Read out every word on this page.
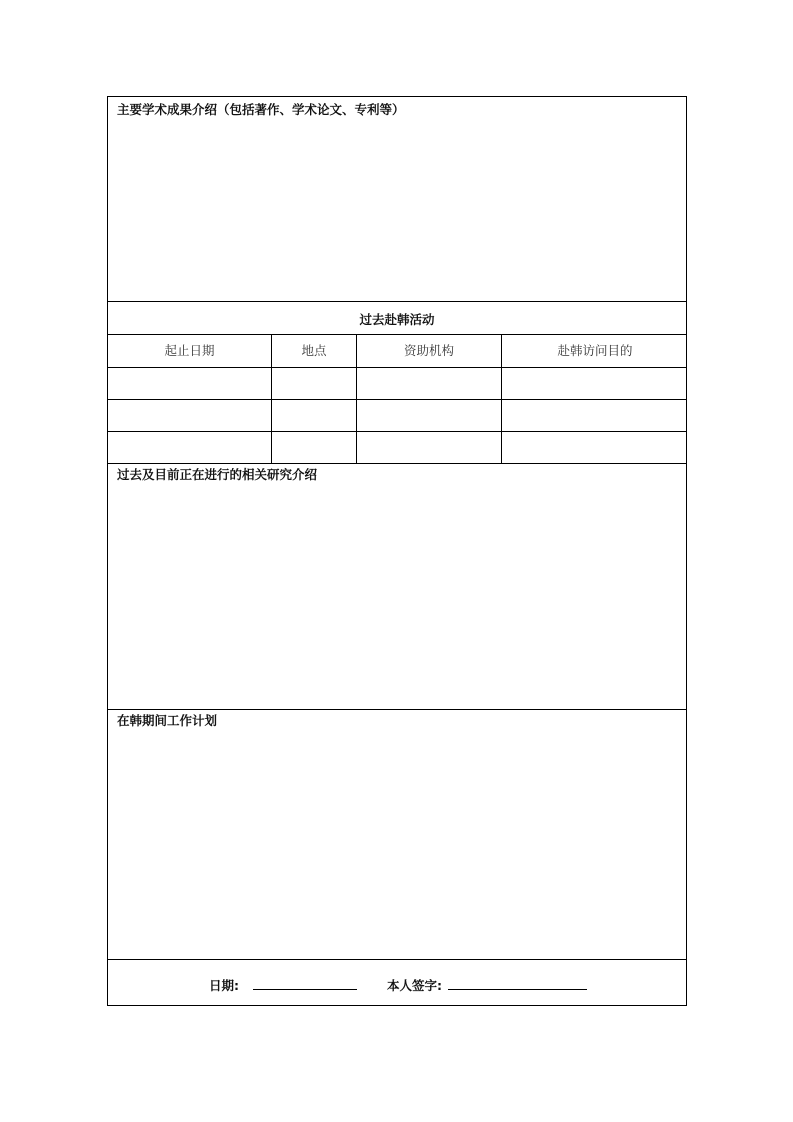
主要学术成果介绍（包括著作、学术论文、专利等）
过去赴韩活动
起止日期	地点	资助机构	赴韩访问目的
过去及目前正在进行的相关研究介绍
在韩期间工作计划
日期:	本人签字:
